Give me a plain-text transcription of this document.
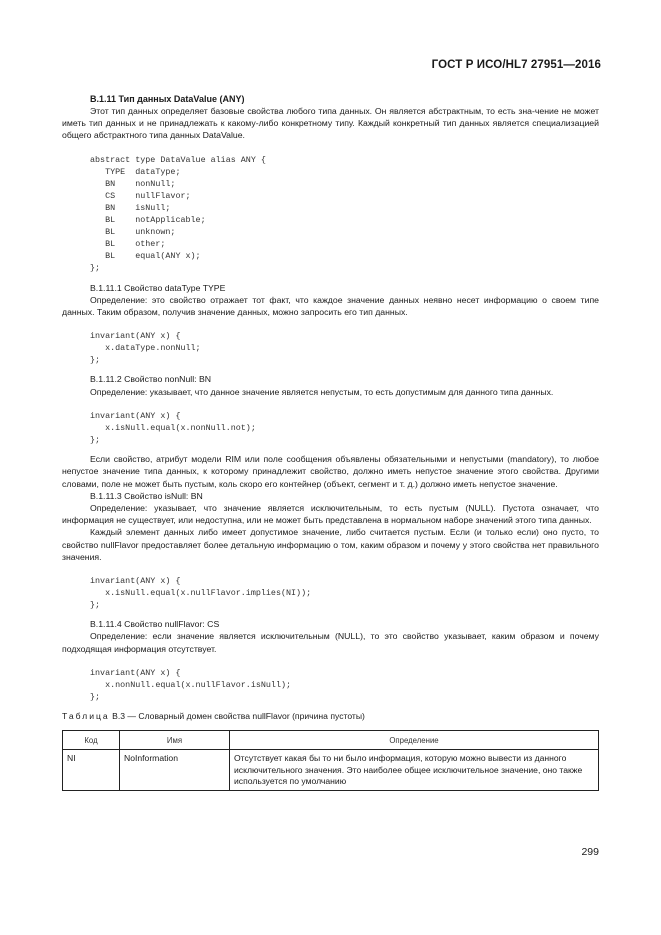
ГОСТ Р ИСО/HL7 27951—2016

B.1.11 Тип данных DataValue (ANY)

Этот тип данных определяет базовые свойства любого типа данных. Он является абстрактным, то есть зна-чение не может иметь тип данных и не принадлежать к какому-либо конкретному типу. Каждый конкретный тип данных является специализацией общего абстрактного типа данных DataValue.

abstract type DataValue alias ANY {
TYPE  dataType;
BN    nonNull;
CS    nullFlavor;
BN    isNull;
BL    notApplicable;
BL    unknown;
BL    other;
BL    equal(ANY x);
};

B.1.11.1 Свойство dataType TYPE

Определение: это свойство отражает тот факт, что каждое значение данных неявно несет информацию о своем типе данных. Таким образом, получив значение данных, можно запросить его тип данных.

invariant(ANY x) {
x.dataType.nonNull;
};

B.1.11.2 Свойство nonNull: BN

Определение: указывает, что данное значение является непустым, то есть допустимым для данного типа данных.

invariant(ANY x) {
x.isNull.equal(x.nonNull.not);
};

Если свойство, атрибут модели RIM или поле сообщения объявлены обязательными и непустыми (mandatory), то любое непустое значение типа данных, к которому принадлежит свойство, должно иметь непустое значение этого свойства. Другими словами, поле не может быть пустым, коль скоро его контейнер (объект, сегмент и т. д.) должно иметь непустое значение.

B.1.11.3 Свойство isNull: BN

Определение: указывает, что значение является исключительным, то есть пустым (NULL). Пустота означает, что информация не существует, или недоступна, или не может быть представлена в нормальном наборе значений этого типа данных.

Каждый элемент данных либо имеет допустимое значение, либо считается пустым. Если (и только если) оно пусто, то свойство nullFlavor предоставляет более детальную информацию о том, каким образом и почему у этого свойства нет правильного значения.

invariant(ANY x) {
x.isNull.equal(x.nullFlavor.implies(NI));
};

B.1.11.4 Свойство nullFlavor: CS

Определение: если значение является исключительным (NULL), то это свойство указывает, каким образом и почему подходящая информация отсутствует.

invariant(ANY x) {
x.nonNull.equal(x.nullFlavor.isNull);
};

Таблица B.3 — Словарный домен свойства nullFlavor (причина пустоты)

Код	Имя	Определение
NI	NoInformation	Отсутствует какая бы то ни было информация, которую можно вывести из данного исключительного значения. Это наиболее общее исключительное значение, оно также используется по умолчанию
299
